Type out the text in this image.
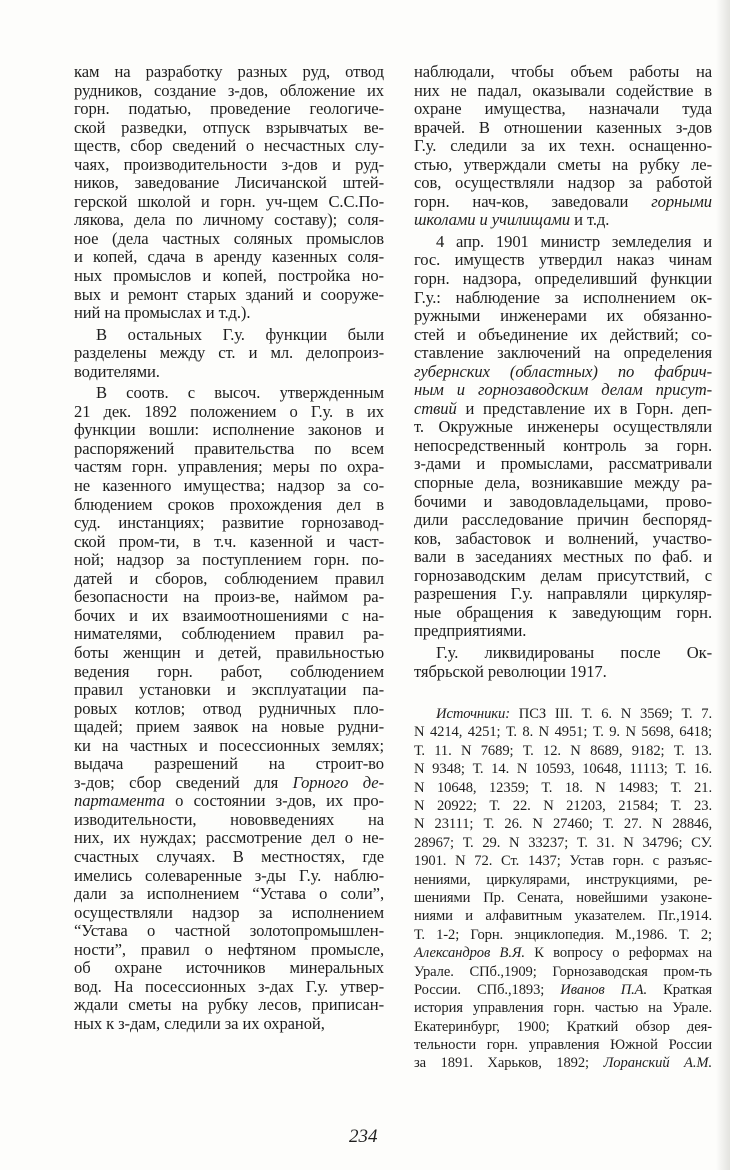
кам на разработку разных руд, отвод
рудников, создание з-дов, обложение их
горн. податью, проведение геологиче-
ской разведки, отпуск взрывчатых ве-
ществ, сбор сведений о несчастных слу-
чаях, производительности з-дов и руд-
ников, заведование Лисичанской штей-
герской школой и горн. уч-щем С.С.По-
лякова, дела по личному составу); соля-
ное (дела частных соляных промыслов
и копей, сдача в аренду казенных соля-
ных промыслов и копей, постройка но-
вых и ремонт старых зданий и сооруже-
ний на промыслах и т.д.).
В остальных Г.у. функции были
разделены между ст. и мл. делопроиз-
водителями.
В соотв. с высоч. утвержденным
21 дек. 1892 положением о Г.у. в их
функции вошли: исполнение законов и
распоряжений правительства по всем
частям горн. управления; меры по охра-
не казенного имущества; надзор за со-
блюдением сроков прохождения дел в
суд. инстанциях; развитие горнозавод-
ской пром-ти, в т.ч. казенной и част-
ной; надзор за поступлением горн. по-
датей и сборов, соблюдением правил
безопасности на произ-ве, наймом ра-
бочих и их взаимоотношениями с на-
нимателями, соблюдением правил ра-
боты женщин и детей, правильностью
ведения горн. работ, соблюдением
правил установки и эксплуатации па-
ровых котлов; отвод рудничных пло-
щадей; прием заявок на новые рудни-
ки на частных и посессионных землях;
выдача разрешений на строит-во
з-дов; сбор сведений для Горного де-
партамента о состоянии з-дов, их про-
изводительности, нововведениях на
них, их нуждах; рассмотрение дел о не-
счастных случаях. В местностях, где
имелись солеваренные з-ды Г.у. наблю-
дали за исполнением “Устава о соли”,
осуществляли надзор за исполнением
“Устава о частной золотопромышлен-
ности”, правил о нефтяном промысле,
об охране источников минеральных
вод. На посессионных з-дах Г.у. утвер-
ждали сметы на рубку лесов, приписан-
ных к з-дам, следили за их охраной,
наблюдали, чтобы объем работы на
них не падал, оказывали содействие в
охране имущества, назначали туда
врачей. В отношении казенных з-дов
Г.у. следили за их техн. оснащенно-
стью, утверждали сметы на рубку ле-
сов, осуществляли надзор за работой
горн. нач-ков, заведовали горными
школами и училищами и т.д.
4 апр. 1901 министр земледелия и
гос. имуществ утвердил наказ чинам
горн. надзора, определивший функции
Г.у.: наблюдение за исполнением ок-
ружными инженерами их обязанно-
стей и объединение их действий; со-
ставление заключений на определения
губернских (областных) по фабрич-
ным и горнозаводским делам присут-
ствий и представление их в Горн. деп-
т. Окружные инженеры осуществляли
непосредственный контроль за горн.
з-дами и промыслами, рассматривали
спорные дела, возникавшие между ра-
бочими и заводовладельцами, прово-
дили расследование причин беспоряд-
ков, забастовок и волнений, участво-
вали в заседаниях местных по фаб. и
горнозаводским делам присутствий, с
разрешения Г.у. направляли циркуляр-
ные обращения к заведующим горн.
предприятиями.
Г.у. ликвидированы после Ок-
тябрьской революции 1917.
Источники: ПСЗ III. Т. 6. N 3569; Т. 7.
N 4214, 4251; Т. 8. N 4951; Т. 9. N 5698, 6418;
Т. 11. N 7689; Т. 12. N 8689, 9182; Т. 13.
N 9348; Т. 14. N 10593, 10648, 11113; Т. 16.
N 10648, 12359; Т. 18. N 14983; Т. 21.
N 20922; Т. 22. N 21203, 21584; Т. 23.
N 23111; Т. 26. N 27460; Т. 27. N 28846,
28967; Т. 29. N 33237; Т. 31. N 34796; СУ.
1901. N 72. Ст. 1437; Устав горн. с разъяс-
нениями, циркулярами, инструкциями, ре-
шениями Пр. Сената, новейшими узаконе-
ниями и алфавитным указателем. Пг.,1914.
Т. 1-2; Горн. энциклопедия. М.,1986. Т. 2;
Александров В.Я. К вопросу о реформах на
Урале. СПб.,1909; Горнозаводская пром-ть
России. СПб.,1893; Иванов П.А. Краткая
история управления горн. частью на Урале.
Екатеринбург, 1900; Краткий обзор дея-
тельности горн. управления Южной России
за 1891. Харьков, 1892; Лоранский А.М.
234
